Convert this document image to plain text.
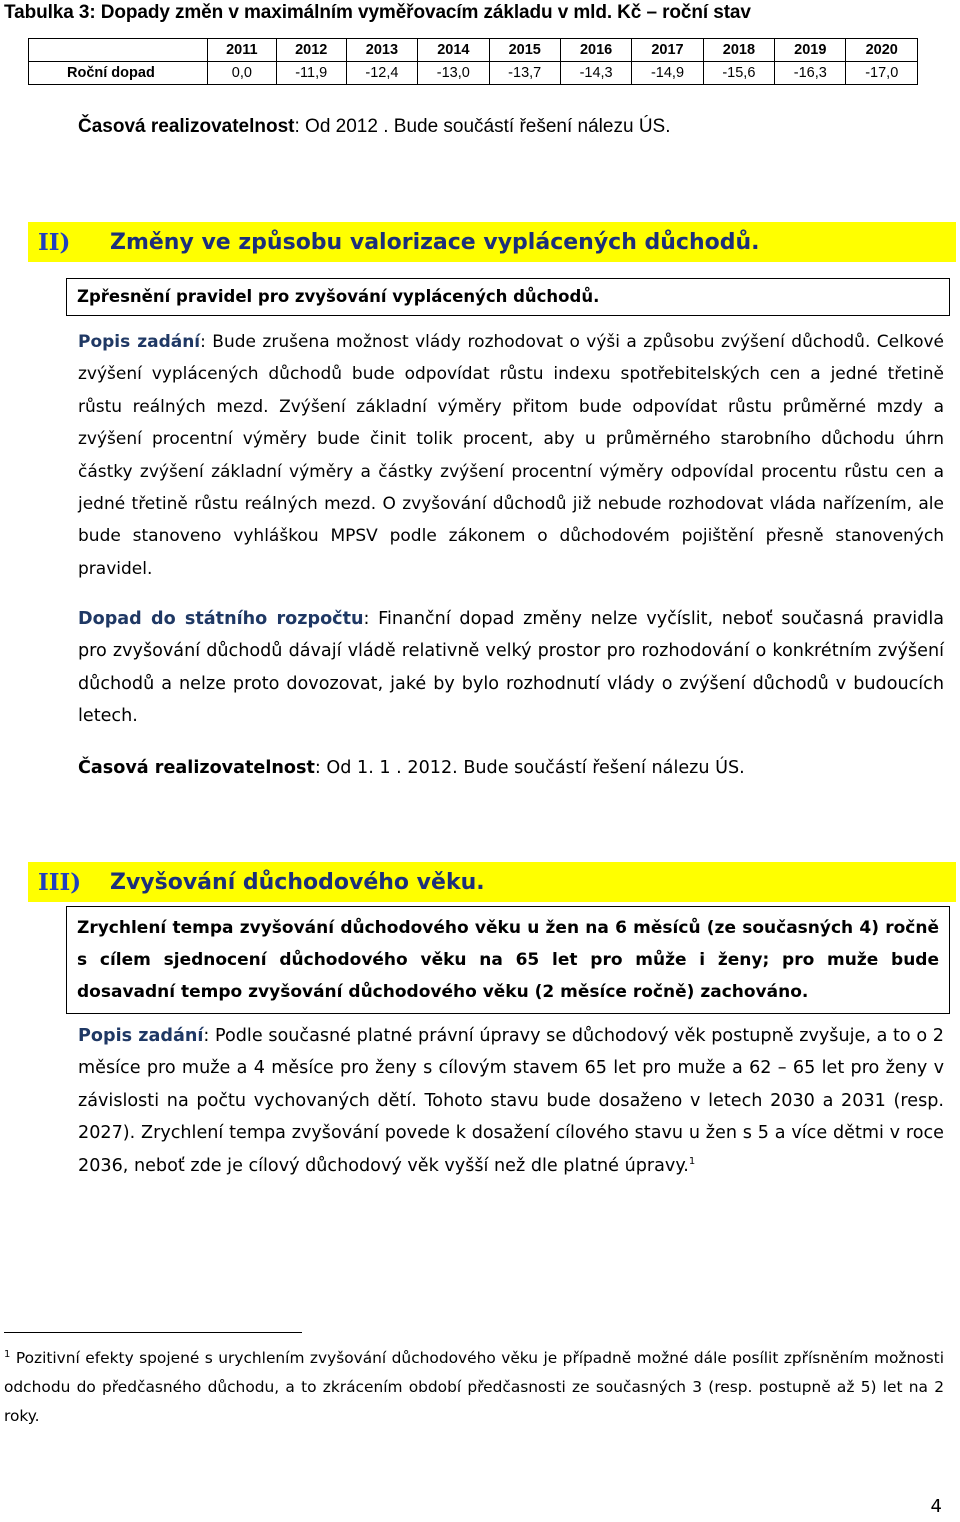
Tabulka 3: Dopady změn v maximálním vyměřovacím základu v mld. Kč – roční stav
	2011	2012	2013	2014	2015	2016	2017	2018	2019	2020
Roční dopad	0,0	-11,9	-12,4	-13,0	-13,7	-14,3	-14,9	-15,6	-16,3	-17,0
Časová realizovatelnost: Od 2012 . Bude součástí řešení nálezu ÚS.
II)	Změny ve způsobu valorizace vyplácených důchodů.
Zpřesnění pravidel pro zvyšování vyplácených důchodů.
Popis zadání: Bude zrušena možnost vlády rozhodovat o výši a způsobu zvýšení důchodů. Celkové zvýšení vyplácených důchodů bude odpovídat růstu indexu spotřebitelských cen a jedné třetině růstu reálných mezd. Zvýšení základní výměry přitom bude odpovídat růstu průměrné mzdy a zvýšení procentní výměry bude činit tolik procent, aby u průměrného starobního důchodu úhrn částky zvýšení základní výměry a částky zvýšení procentní výměry odpovídal procentu růstu cen a jedné třetině růstu reálných mezd. O zvyšování důchodů již nebude rozhodovat vláda nařízením, ale bude stanoveno vyhláškou MPSV podle zákonem o důchodovém pojištění přesně stanovených pravidel.
Dopad do státního rozpočtu: Finanční dopad změny nelze vyčíslit, neboť současná pravidla pro zvyšování důchodů dávají vládě relativně velký prostor pro rozhodování o konkrétním zvýšení důchodů a nelze proto dovozovat, jaké by bylo rozhodnutí vlády o zvýšení důchodů v budoucích letech.
Časová realizovatelnost: Od 1. 1 . 2012. Bude součástí řešení nálezu ÚS.
III)	Zvyšování důchodového věku.
Zrychlení tempa zvyšování důchodového věku u žen na 6 měsíců (ze současných 4) ročně s cílem sjednocení důchodového věku na 65 let pro může i ženy; pro muže bude dosavadní tempo zvyšování důchodového věku (2 měsíce ročně) zachováno.
Popis zadání: Podle současné platné právní úpravy se důchodový věk postupně zvyšuje, a to o 2 měsíce pro muže a 4 měsíce pro ženy s cílovým stavem 65 let pro muže a 62 – 65 let pro ženy v závislosti na počtu vychovaných dětí. Tohoto stavu bude dosaženo v letech 2030 a 2031 (resp. 2027). Zrychlení tempa zvyšování povede k dosažení cílového stavu u žen s 5 a více dětmi v roce 2036, neboť zde je cílový důchodový věk vyšší než dle platné úpravy.$^1$
$^1$ Pozitivní efekty spojené s urychlením zvyšování důchodového věku je případně možné dále posílit zpřísněním možnosti odchodu do předčasného důchodu, a to zkrácením období předčasnosti ze současných 3 (resp. postupně až 5) let na 2 roky.
4
